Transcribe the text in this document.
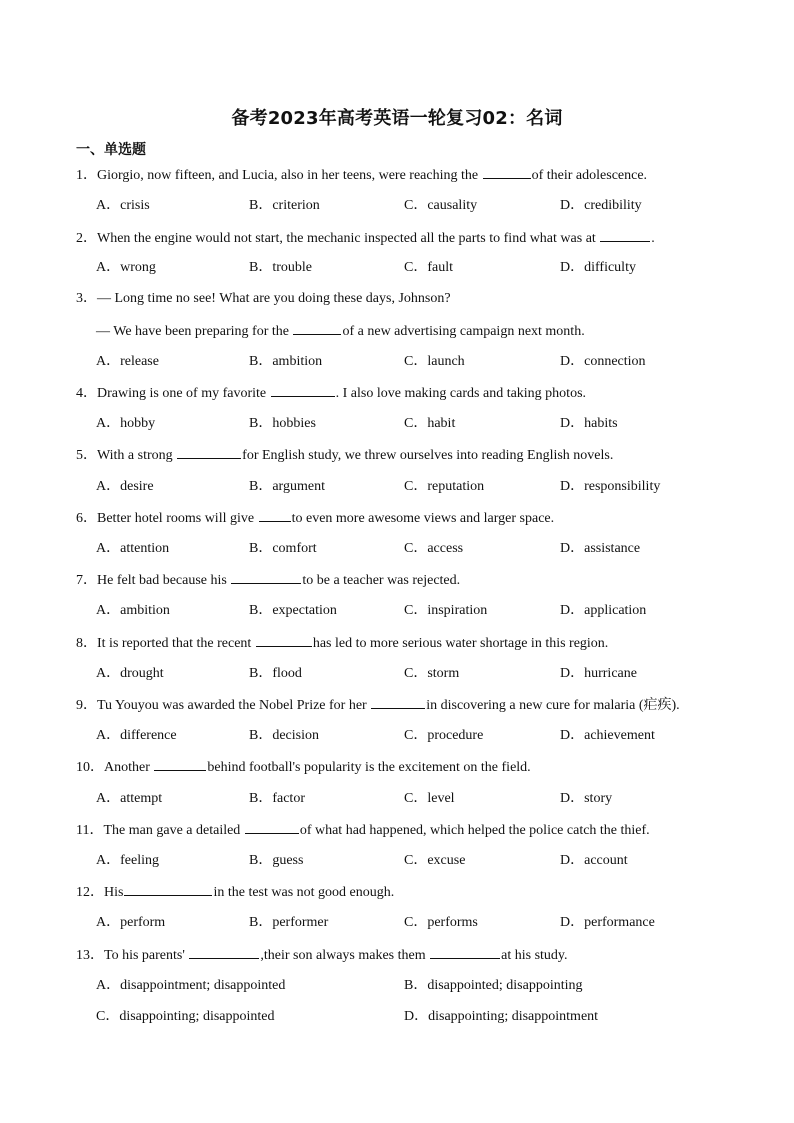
备考2023年高考英语一轮复习02：名词
一、单选题
1．Giorgio, now fifteen, and Lucia, also in her teens, were reaching the	of their adolescence.
A．crisis	B．criterion	C．causality	D．credibility
2．When the engine would not start, the mechanic inspected all the parts to find what was at	.
A．wrong	B．trouble	C．fault	D．difficulty
3．— Long time no see! What are you doing these days, Johnson?
— We have been preparing for the	of a new advertising campaign next month.
A．release	B．ambition	C．launch	D．connection
4．Drawing is one of my favorite	. I also love making cards and taking photos.
A．hobby	B．hobbies	C．habit	D．habits
5．With a strong	for English study, we threw ourselves into reading English novels.
A．desire	B．argument	C．reputation	D．responsibility
6．Better hotel rooms will give to even more awesome views and larger space.
A．attention	B．comfort	C．access	D．assistance
7．He felt bad because his	to be a teacher was rejected.
A．ambition	B．expectation	C．inspiration	D．application
8．It is reported that the recent	has led to more serious water shortage in this region.
A．drought	B．flood	C．storm	D．hurricane
9．Tu Youyou was awarded the Nobel Prize for her	in discovering a new cure for malaria (疟疾).
A．difference	B．decision	C．procedure	D．achievement
10．Another	behind football's popularity is the excitement on the field.
A．attempt	B．factor	C．level	D．story
11．The man gave a detailed	of what had happened, which helped the police catch the thief.
A．feeling	B．guess	C．excuse	D．account
12．His	in the test was not good enough.
A．perform	B．performer	C．performs	D．performance
13．To his parents'	,their son always makes them	at his study.
A．disappointment; disappointed	B．disappointed; disappointing
C．disappointing; disappointed	D．disappointing; disappointment
